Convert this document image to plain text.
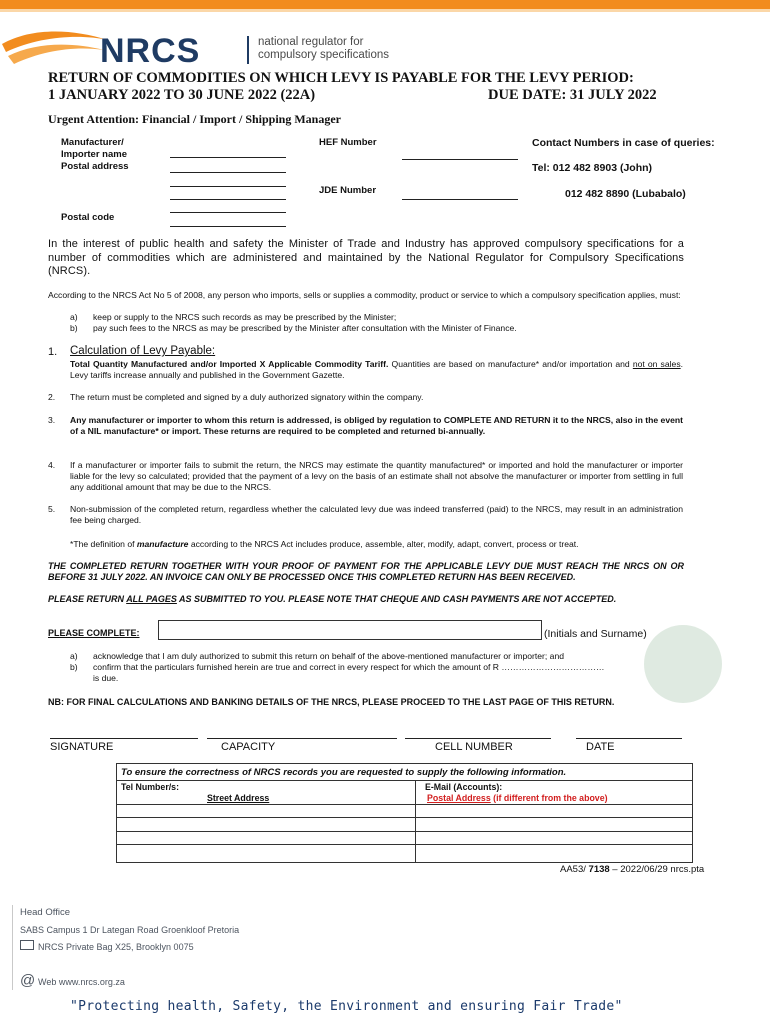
NRCS	national regulator for
compulsory specifications
RETURN OF COMMODITIES ON WHICH LEVY IS PAYABLE FOR THE LEVY PERIOD:
1 JANUARY 2022 TO 30 JUNE 2022 (22A)	DUE DATE: 31 JULY 2022
Urgent Attention: Financial / Import / Shipping Manager
Manufacturer/
Importer name
Postal address
Postal code
HEF Number
JDE Number
Contact Numbers in case of queries:
Tel: 012 482 8903 (John)
012 482 8890 (Lubabalo)
In the interest of public health and safety the Minister of Trade and Industry has approved compulsory specifications for a number of commodities which are administered and maintained by the National Regulator for Compulsory Specifications (NRCS).
According to the NRCS Act No 5 of 2008, any person who imports, sells or supplies a commodity, product or service to which a compulsory specification applies, must:
a) keep or supply to the NRCS such records as may be prescribed by the Minister;
b) pay such fees to the NRCS as may be prescribed by the Minister after consultation with the Minister of Finance.
1. Calculation of Levy Payable:
Total Quantity Manufactured and/or Imported X Applicable Commodity Tariff. Quantities are based on manufacture* and/or importation and not on sales. Levy tariffs increase annually and published in the Government Gazette.
2. The return must be completed and signed by a duly authorized signatory within the company.
3. Any manufacturer or importer to whom this return is addressed, is obliged by regulation to COMPLETE AND RETURN it to the NRCS, also in the event of a NIL manufacture* or import. These returns are required to be completed and returned bi-annually.
4. If a manufacturer or importer fails to submit the return, the NRCS may estimate the quantity manufactured* or imported and hold the manufacturer or importer liable for the levy so calculated; provided that the payment of a levy on the basis of an estimate shall not absolve the manufacturer or importer from settling in full any additional amount that may be due to the NRCS.
5. Non-submission of the completed return, regardless whether the calculated levy due was indeed transferred (paid) to the NRCS, may result in an administration fee being charged.
*The definition of manufacture according to the NRCS Act includes produce, assemble, alter, modify, adapt, convert, process or treat.
THE COMPLETED RETURN TOGETHER WITH YOUR PROOF OF PAYMENT FOR THE APPLICABLE LEVY DUE MUST REACH THE NRCS ON OR BEFORE 31 JULY 2022. AN INVOICE CAN ONLY BE PROCESSED ONCE THIS COMPLETED RETURN HAS BEEN RECEIVED.
PLEASE RETURN ALL PAGES AS SUBMITTED TO YOU. PLEASE NOTE THAT CHEQUE AND CASH PAYMENTS ARE NOT ACCEPTED.
PLEASE COMPLETE:	(Initials and Surname)
a) acknowledge that I am duly authorized to submit this return on behalf of the above-mentioned manufacturer or importer; and
b) confirm that the particulars furnished herein are true and correct in every respect for which the amount of R ………………………………
is due.
NB: FOR FINAL CALCULATIONS AND BANKING DETAILS OF THE NRCS, PLEASE PROCEED TO THE LAST PAGE OF THIS RETURN.
SIGNATURE	CAPACITY	CELL NUMBER	DATE
To ensure the correctness of NRCS records you are requested to supply the following information.
Tel Number/s:	E-Mail (Accounts):
Street Address	Postal Address (if different from the above)
AA53/ 7138 – 2022/06/29 nrcs.pta
Head Office
SABS Campus 1 Dr Lategan Road Groenkloof Pretoria
NRCS Private Bag X25, Brooklyn 0075
@ Web www.nrcs.org.za
"Protecting health, Safety, the Environment and ensuring Fair Trade"
